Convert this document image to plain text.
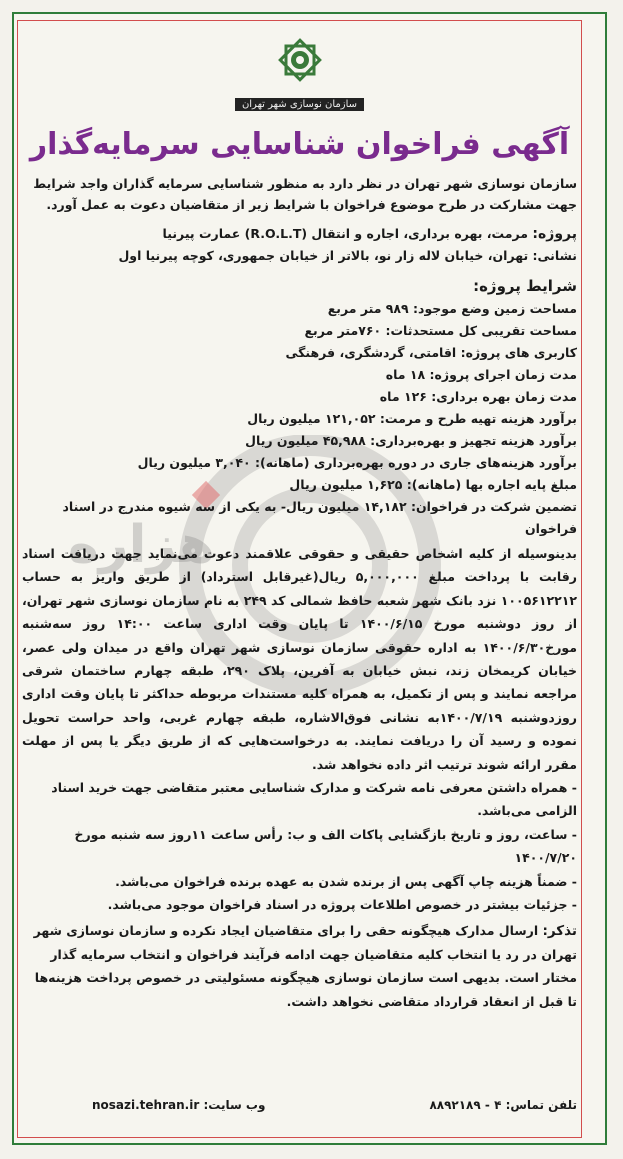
هزاره
سازمان نوسازی شهر تهران
آگهی فراخوان شناسایی سرمایه‌گذار
سازمان نوسازی شهر تهران در نظر دارد به منظور شناسایی سرمایه گذاران واجد شرایط جهت مشارکت در طرح موضوع فراخوان با شرایط زیر از متقاضیان دعوت به عمل آورد.
پروژه: مرمت، بهره برداری، اجاره و انتقال (R.O.L.T) عمارت پیرنیا
نشانی: تهران، خیابان لاله زار نو، بالاتر از خیابان جمهوری، کوچه پیرنیا اول
شرایط پروژه:
مساحت زمین وضع موجود: ۹۸۹ متر مربع
مساحت تقریبی کل مستحدثات: ۷۶۰متر مربع
کاربری های پروژه: اقامتی، گردشگری، فرهنگی
مدت زمان اجرای پروژه: ۱۸ ماه
مدت زمان بهره برداری: ۱۲۶ ماه
برآورد هزینه تهیه طرح و مرمت: ۱۲۱,۰۵۲ میلیون ریال
برآورد هزینه تجهیز و بهره‌برداری: ۴۵,۹۸۸ میلیون ریال
برآورد هزینه‌های جاری در دوره بهره‌برداری (ماهانه): ۳,۰۴۰ میلیون ریال
مبلغ پایه اجاره بها (ماهانه): ۱,۶۲۵ میلیون ریال
تضمین شرکت در فراخوان: ۱۴,۱۸۲ میلیون ریال- به یکی از سه شیوه مندرج در اسناد فراخوان
بدینوسیله از کلیه اشخاص حقیقی و حقوقی علاقمند دعوت می‌نماید جهت دریافت اسناد رقابت با پرداخت مبلغ ۵,۰۰۰,۰۰۰ ریال(غیرقابل استرداد) از طریق واریز به حساب ۱۰۰۵۶۱۲۲۱۲ نزد بانک شهر شعبه حافظ شمالی کد ۲۴۹ به نام سازمان نوسازی شهر تهران، از روز دوشنبه مورخ ۱۴۰۰/۶/۱۵ تا پایان وقت اداری ساعت ۱۴:۰۰ روز سه‌شنبه مورخ۱۴۰۰/۶/۳۰ به اداره حقوقی سازمان نوسازی شهر تهران واقع در میدان ولی عصر، خیابان کریمخان زند، نبش خیابان به آفرین، پلاک ۲۹۰، طبقه چهارم ساختمان شرقی مراجعه نمایند و پس از تکمیل، به همراه کلیه مستندات مربوطه حداکثر تا پایان وقت اداری روزدوشنبه ۱۴۰۰/۷/۱۹به نشانی فوق‌الاشاره، طبقه چهارم غربی، واحد حراست تحویل نموده و رسید آن را دریافت نمایند. به درخواست‌هایی که از طریق دیگر یا پس از مهلت مقرر ارائه شوند ترتیب اثر داده نخواهد شد.
- همراه داشتن معرفی نامه شرکت و مدارک شناسایی معتبر متقاضی جهت خرید اسناد الزامی می‌باشد.
- ساعت، روز و تاریخ بازگشایی پاکات الف و ب: رأس ساعت ۱۱روز سه شنبه مورخ ۱۴۰۰/۷/۲۰
- ضمناً هزینه چاپ آگهی پس از برنده شدن به عهده برنده فراخوان می‌باشد.
- جزئیات بیشتر در خصوص اطلاعات پروژه در اسناد فراخوان موجود می‌باشد.
تذکر: ارسال مدارک هیچگونه حقی را برای متقاضیان ایجاد نکرده و سازمان نوسازی شهر تهران در رد یا انتخاب کلیه متقاضیان جهت ادامه فرآیند فراخوان و انتخاب سرمایه گذار مختار است. بدیهی است سازمان نوسازی هیچگونه مسئولیتی در خصوص پرداخت هزینه‌ها تا قبل از انعقاد قرارداد متقاضی نخواهد داشت.
تلفن تماس: ۴ - ۸۸۹۲۱۸۹
وب سایت: nosazi.tehran.ir
